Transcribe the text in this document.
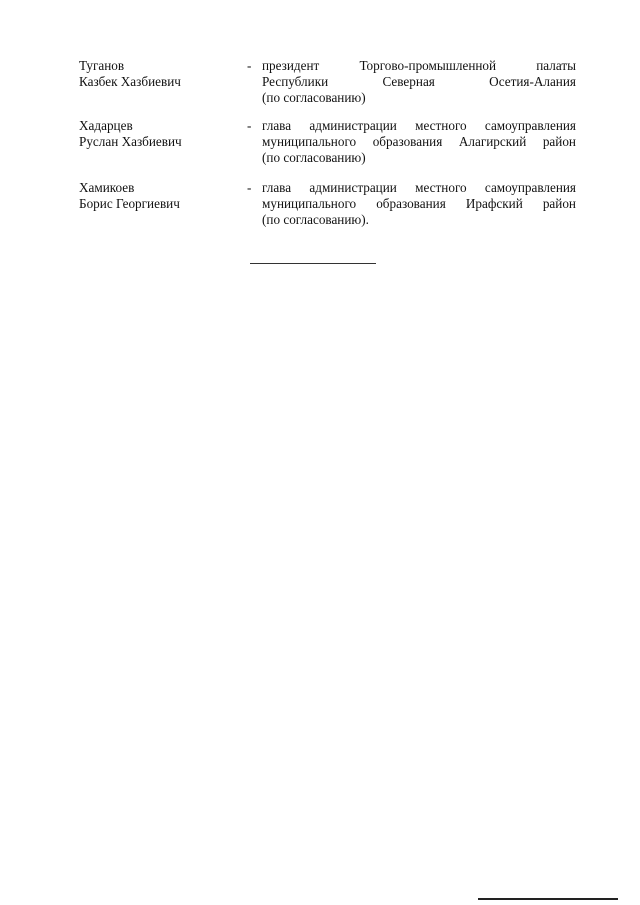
Туганов
Казбек Хазбиевич
- президент Торгово-промышленной палаты
Республики Северная Осетия-Алания
(по согласованию)
Хадарцев
Руслан Хазбиевич
- глава администрации местного самоуправления
муниципального образования Алагирский район
(по согласованию)
Хамикоев
Борис Георгиевич
- глава администрации местного самоуправления
муниципального образования Ирафский район
(по согласованию).
